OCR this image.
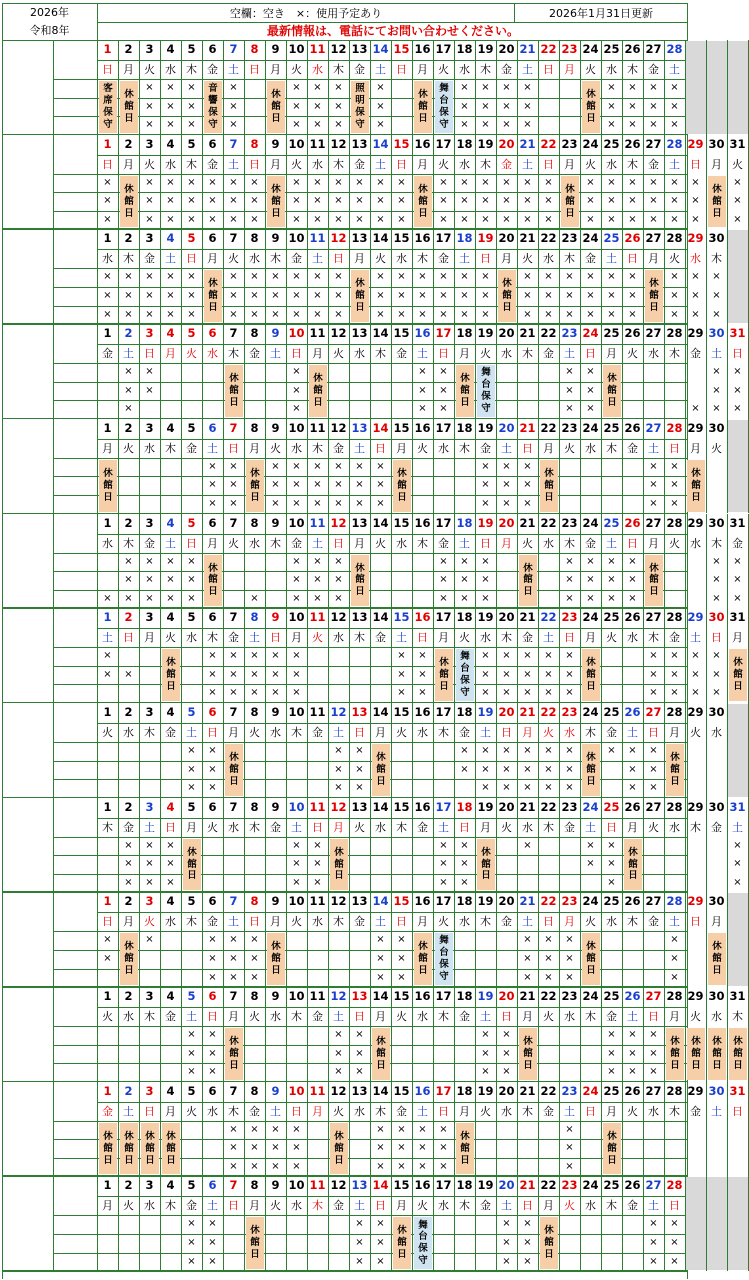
2026年
令和8年
空欄：空き　×：使用予定あり	2026年1月31日更新
最新情報は、電話にてお問い合わせください。
1
日
2
月
3
火
×
×
×
4
水
×
×
×
5
木
×
×
×
6
金
7
土
×
×
×
8
日
9
月
10
火
×
×
×
11
水
×
×
×
12
木
×
×
×
13
金
14
土
×
×
×
15
日
16
月
17
火
18
水
×
×
×
19
木
×
×
×
20
金
×
×
×
21
土
×
×
×
22
日
23
月
24
火
25
水
×
×
×
26
木
×
×
×
27
金
×
×
×
28
土
×
×
×
客
席
保
守
休
館
日
音
響
保
守
休
館
日
照
明
保
守
休
館
日
舞
台
保
守
休
館
日
1
日
×
×
×
2
月
3
火
×
×
×
4
水
×
×
×
5
木
×
×
×
6
金
×
×
×
7
土
×
×
×
8
日
×
×
×
9
月
10
火
×
×
×
11
水
×
×
×
12
木
×
×
×
13
金
×
×
×
14
土
×
×
×
15
日
×
×
×
16
月
17
火
×
×
×
18
水
×
×
×
19
木
×
×
×
20
金
×
×
×
21
土
×
×
×
22
日
×
×
×
23
月
24
火
×
×
×
25
水
×
×
×
26
木
×
×
×
27
金
×
×
×
28
土
×
×
×
29
日
×
×
×
30
月
31
火
×
×
×
休
館
日
休
館
日
休
館
日
休
館
日
休
館
日
1
水
×
×
×
2
木
×
×
×
3
金
×
×
×
4
土
×
×
×
5
日
×
×
×
6
月
7
火
×
×
×
8
水
×
×
×
9
木
×
×
×
10
金
×
×
×
11
土
×
×
×
12
日
×
×
×
13
月
14
火
×
×
×
15
水
×
×
×
16
木
×
×
×
17
金
×
×
×
18
土
×
×
×
19
日
×
×
×
20
月
21
火
×
×
×
22
水
×
×
×
23
木
×
×
×
24
金
×
×
×
25
土
×
×
×
26
日
×
×
×
27
月
28
火
×
×
×
29
水
×
×
×
30
木
×
×
×
休
館
日
休
館
日
休
館
日
休
館
日
1
金
2
土
×
×
×
3
日
×
×
4
月
5
火
6
水
7
木
8
金
9
土
10
日
×
×
×
11
月
12
火
13
水
14
木
15
金
16
土
×
×
×
17
日
×
×
×
18
月
19
火
20
水
21
木
22
金
23
土
×
×
×
24
日
×
×
×
25
月
26
火
27
水
28
木
29
金
×
30
土
×
×
×
31
日
×
×
×
休
館
日
休
館
日
休
館
日
舞
台
保
守
休
館
日
1
月
2
火
3
水
4
木
5
金
6
土
×
×
×
7
日
×
×
×
8
月
9
火
×
×
×
10
水
×
×
×
11
木
×
×
×
12
金
×
×
×
13
土
×
×
×
14
日
×
×
×
15
月
16
火
17
水
18
木
19
金
×
×
×
20
土
×
×
×
21
日
×
×
×
22
月
23
火
24
水
25
木
26
金
27
土
×
×
×
28
日
×
×
×
29
月
30
火
休
館
日
休
館
日
休
館
日
休
館
日
休
館
日
1
水
×
2
木
×
×
×
3
金
×
×
×
4
土
×
×
×
5
日
×
×
×
6
月
7
火
8
水
×
9
木
10
金
×
×
×
11
土
×
×
×
12
日
×
×
×
13
月
14
火
15
水
16
木
17
金
×
×
×
18
土
×
×
×
19
日
×
×
×
20
月
21
火
22
水
23
木
×
×
×
24
金
×
×
×
25
土
×
×
×
26
日
×
×
×
27
月
28
火
29
水
30
木
×
×
×
31
金
×
×
×
休
館
日
休
館
日
休
館
日
休
館
日
1
土
×
×
2
日
×
3
月
4
火
5
水
6
木
×
×
×
7
金
×
×
×
8
土
×
×
×
9
日
×
×
×
10
月
×
×
×
11
火
12
水
13
木
14
金
15
土
×
×
×
16
日
×
×
×
17
月
18
火
19
水
×
×
×
20
木
×
×
×
21
金
×
×
×
22
土
×
×
×
23
日
×
×
×
24
月
25
火
26
水
27
木
×
×
×
28
金
×
×
×
29
土
×
×
×
30
日
×
×
×
31
月
休
館
日
休
館
日
舞
台
保
守
休
館
日
休
館
日
1
火
2
水
3
木
4
金
5
土
×
×
×
6
日
×
×
×
7
月
8
火
9
水
10
木
11
金
12
土
×
×
×
13
日
×
×
×
14
月
15
火
16
水
17
木
18
金
×
×
19
土
×
×
×
20
日
×
×
×
21
月
×
×
×
22
火
×
×
×
23
水
×
×
×
24
木
25
金
×
26
土
×
×
×
27
日
×
×
×
28
月
29
火
30
水
休
館
日
休
館
日
休
館
日
休
館
日
1
木
2
金
×
×
×
3
土
×
×
×
4
日
×
×
×
5
月
6
火
7
水
8
木
9
金
10
土
×
×
×
11
日
×
×
×
12
月
13
火
14
水
15
木
16
金
17
土
×
×
×
18
日
×
×
×
19
月
20
火
21
水
×
22
木
23
金
24
土
×
×
25
日
×
×
×
26
月
27
火
28
水
29
木
30
金
31
土
×
×
×
休
館
日
休
館
日
休
館
日
休
館
日
1
日
×
×
2
月
3
火
×
4
水
5
木
6
金
×
×
×
7
土
×
×
×
8
日
×
×
×
9
月
10
火
11
水
12
木
13
金
14
土
×
×
×
15
日
×
×
×
16
月
17
火
18
水
19
木
20
金
21
土
×
×
×
22
日
×
×
×
23
月
×
×
×
24
火
25
水
26
木
27
金
28
土
×
×
×
29
日
30
月
休
館
日
休
館
日
休
館
日
舞
台
保
守
休
館
日
休
館
日
1
火
2
水
3
木
4
金
5
土
×
×
×
6
日
×
×
×
7
月
8
火
9
水
10
木
11
金
12
土
×
×
×
13
日
×
×
×
14
月
15
火
16
水
17
木
18
金
19
土
×
×
×
20
日
×
×
×
21
月
22
火
23
水
24
木
25
金
×
×
×
26
土
×
×
×
27
日
×
×
×
28
月
29
火
30
水
31
木
休
館
日
休
館
日
休
館
日
休
館
日
休
館
日
休
館
日
休
館
日
1
金
2
土
3
日
4
月
5
火
6
水
7
木
×
×
×
8
金
×
×
×
9
土
×
×
×
10
日
×
×
×
11
月
12
火
13
水
14
木
×
×
×
15
金
×
×
×
16
土
×
×
×
17
日
×
×
×
18
月
19
火
20
水
21
木
22
金
23
土
×
×
×
24
日
25
月
26
火
27
水
28
木
29
金
30
土
31
日
休
館
日
休
館
日
休
館
日
休
館
日
休
館
日
休
館
日
休
館
日
1
月
2
火
3
水
4
木
5
金
×
×
×
6
土
×
×
×
7
日
8
月
9
火
10
水
11
木
12
金
13
土
×
×
×
14
日
×
×
×
15
月
16
火
17
水
18
木
19
金
20
土
×
×
×
21
日
×
×
×
22
月
23
火
24
水
25
木
26
金
27
土
×
×
×
28
日
×
×
×
休
館
日
休
館
日
舞
台
保
守
休
館
日
